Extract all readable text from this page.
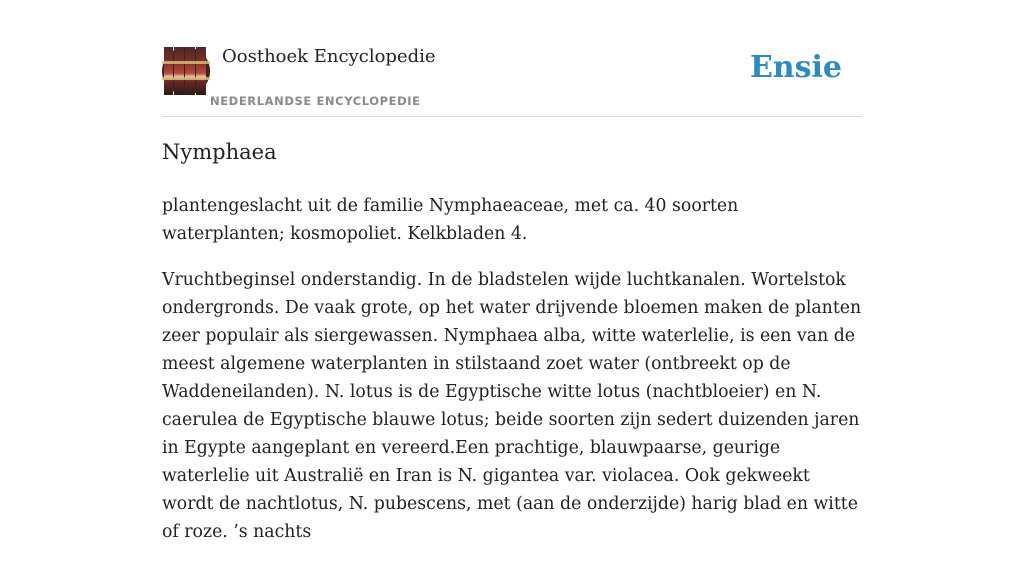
Oosthoek Encyclopedie
NEDERLANDSE ENCYCLOPEDIE
Ensie
Nymphaea

plantengeslacht uit de familie Nymphaeaceae, met ca. 40 soorten waterplanten; kosmopoliet. Kelkbladen 4.

Vruchtbeginsel onderstandig. In de bladstelen wijde luchtkanalen. Wortelstok ondergronds. De vaak grote, op het water drijvende bloemen maken de planten zeer populair als siergewassen. Nymphaea alba, witte waterlelie, is een van de meest algemene waterplanten in stilstaand zoet water (ontbreekt op de Waddeneilanden). N. lotus is de Egyptische witte lotus (nachtbloeier) en N. caerulea de Egyptische blauwe lotus; beide soorten zijn sedert duizenden jaren in Egypte aangeplant en vereerd.Een prachtige, blauwpaarse, geurige waterlelie uit Australië en Iran is N. gigantea var. violacea. Ook gekweekt wordt de nachtlotus, N. pubescens, met (aan de onderzijde) harig blad en witte of roze. ’s nachts
